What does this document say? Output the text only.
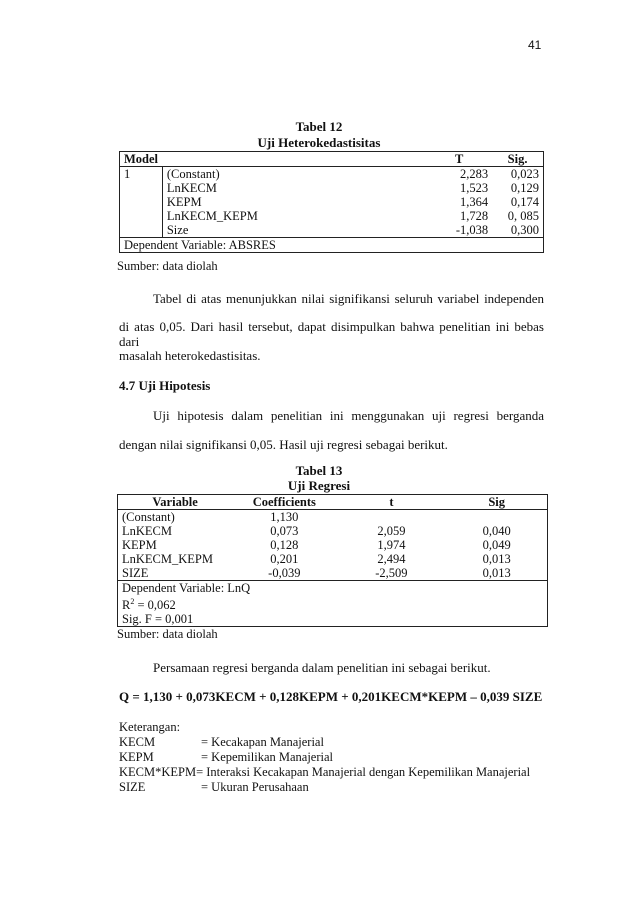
41
Tabel 12
Uji Heterokedastisitas
Model		T	Sig.
1	(Constant)	2,283	0,023
	LnKECM	1,523	0,129
	KEPM	1,364	0,174
	LnKECM_KEPM	1,728	0, 085
	Size	-1,038	0,300
Dependent Variable: ABSRES			
Sumber: data diolah
Tabel di atas menunjukkan nilai signifikansi seluruh variabel independen
di atas 0,05. Dari hasil tersebut, dapat disimpulkan bahwa penelitian ini bebas dari
masalah heterokedastisitas.
4.7 Uji Hipotesis
Uji hipotesis dalam penelitian ini menggunakan uji regresi berganda
dengan nilai signifikansi 0,05. Hasil uji regresi sebagai berikut.
Tabel 13
Uji Regresi
Variable	Coefficients	t	Sig
(Constant)	1,130		
LnKECM	0,073	2,059	0,040
KEPM	0,128	1,974	0,049
LnKECM_KEPM	0,201	2,494	0,013
SIZE	-0,039	-2,509	0,013

Dependent Variable: LnQ
$R^2 = 0,062$
Sig. F = 0,001			
Sumber: data diolah
Persamaan regresi berganda dalam penelitian ini sebagai berikut.
Q = 1,130 + 0,073KECM + 0,128KEPM + 0,201KECM*KEPM – 0,039 SIZE
Keterangan:
KECM	= Kecakapan Manajerial
KEPM	= Kepemilikan Manajerial
KECM*KEPM= Interaksi Kecakapan Manajerial dengan Kepemilikan Manajerial
SIZE	= Ukuran Perusahaan
